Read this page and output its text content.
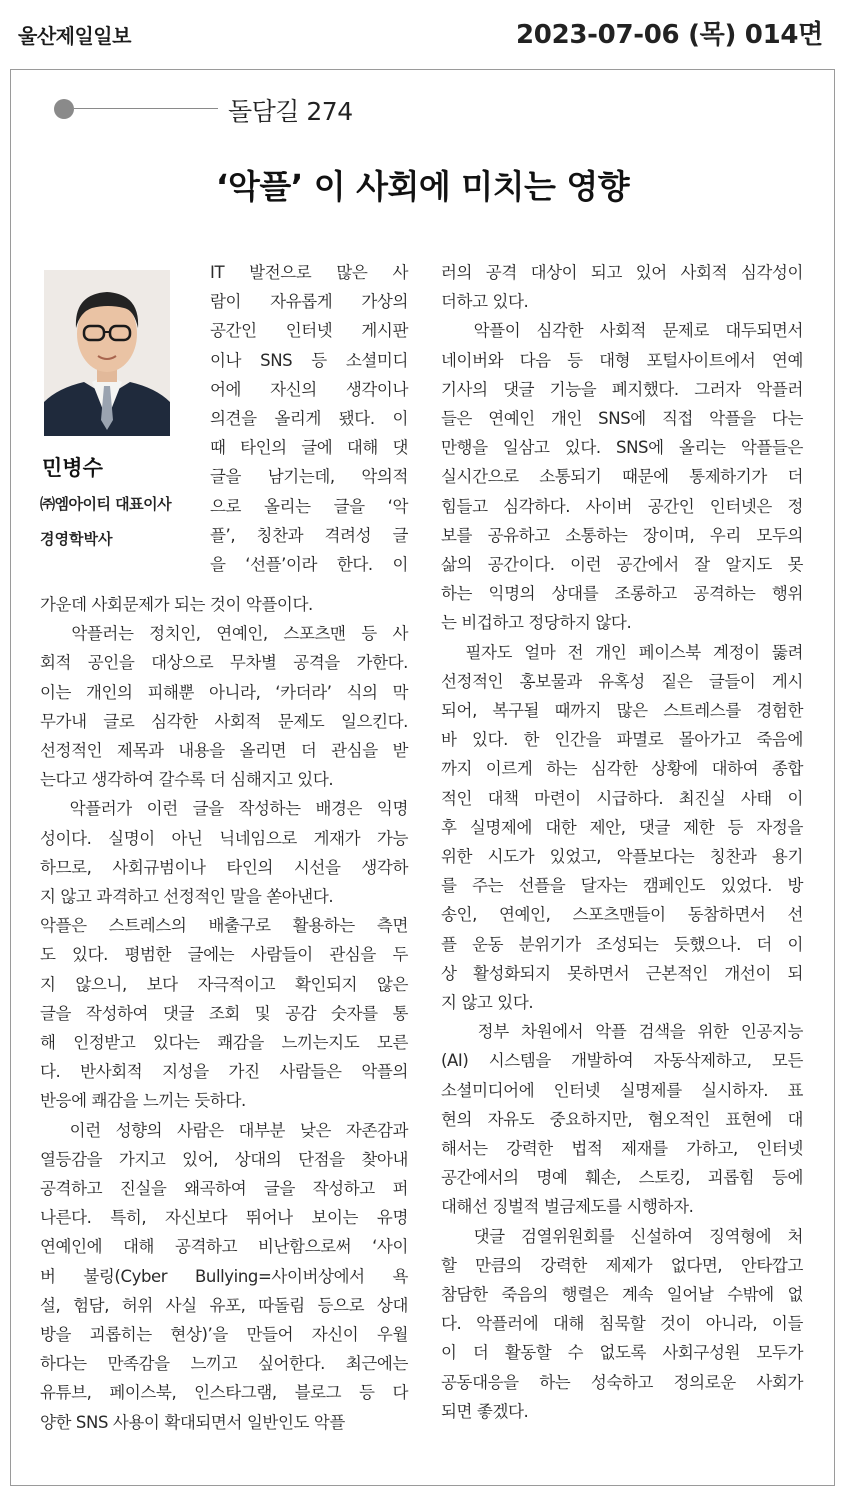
울산제일일보	2023-07-06 (목) 014면
돌담길 274
‘악플’ 이 사회에 미치는 영향
민병수
㈜엠아이티 대표이사
경영학박사
IT 발전으로 많은 사
람이 자유롭게 가상의
공간인 인터넷 게시판
이나 SNS 등 소셜미디
어에 자신의 생각이나
의견을 올리게 됐다. 이
때 타인의 글에 대해 댓
글을 남기는데, 악의적
으로 올리는 글을 ‘악
플’, 칭찬과 격려성 글
을 ‘선플’이라 한다. 이
가운데 사회문제가 되는 것이 악플이다.
악플러는 정치인, 연예인, 스포츠맨 등 사
회적 공인을 대상으로 무차별 공격을 가한다.
이는 개인의 피해뿐 아니라, ‘카더라’ 식의 막
무가내 글로 심각한 사회적 문제도 일으킨다.
선정적인 제목과 내용을 올리면 더 관심을 받
는다고 생각하여 갈수록 더 심해지고 있다.
악플러가 이런 글을 작성하는 배경은 익명
성이다. 실명이 아닌 닉네임으로 게재가 가능
하므로, 사회규범이나 타인의 시선을 생각하
지 않고 과격하고 선정적인 말을 쏟아낸다.
악플은 스트레스의 배출구로 활용하는 측면
도 있다. 평범한 글에는 사람들이 관심을 두
지 않으니, 보다 자극적이고 확인되지 않은
글을 작성하여 댓글 조회 및 공감 숫자를 통
해 인정받고 있다는 쾌감을 느끼는지도 모른
다. 반사회적 지성을 가진 사람들은 악플의
반응에 쾌감을 느끼는 듯하다.
이런 성향의 사람은 대부분 낮은 자존감과
열등감을 가지고 있어, 상대의 단점을 찾아내
공격하고 진실을 왜곡하여 글을 작성하고 퍼
나른다. 특히, 자신보다 뛰어나 보이는 유명
연예인에 대해 공격하고 비난함으로써 ‘사이
버 불링(Cyber Bullying=사이버상에서 욕
설, 험담, 허위 사실 유포, 따돌림 등으로 상대
방을 괴롭히는 현상)’을 만들어 자신이 우월
하다는 만족감을 느끼고 싶어한다. 최근에는
유튜브, 페이스북, 인스타그램, 블로그 등 다
양한 SNS 사용이 확대되면서 일반인도 악플
러의 공격 대상이 되고 있어 사회적 심각성이
더하고 있다.
악플이 심각한 사회적 문제로 대두되면서
네이버와 다음 등 대형 포털사이트에서 연예
기사의 댓글 기능을 폐지했다. 그러자 악플러
들은 연예인 개인 SNS에 직접 악플을 다는
만행을 일삼고 있다. SNS에 올리는 악플들은
실시간으로 소통되기 때문에 통제하기가 더
힘들고 심각하다. 사이버 공간인 인터넷은 정
보를 공유하고 소통하는 장이며, 우리 모두의
삶의 공간이다. 이런 공간에서 잘 알지도 못
하는 익명의 상대를 조롱하고 공격하는 행위
는 비겁하고 정당하지 않다.
필자도 얼마 전 개인 페이스북 계정이 뚫려
선정적인 홍보물과 유혹성 짙은 글들이 게시
되어, 복구될 때까지 많은 스트레스를 경험한
바 있다. 한 인간을 파멸로 몰아가고 죽음에
까지 이르게 하는 심각한 상황에 대하여 종합
적인 대책 마련이 시급하다. 최진실 사태 이
후 실명제에 대한 제안, 댓글 제한 등 자정을
위한 시도가 있었고, 악플보다는 칭찬과 용기
를 주는 선플을 달자는 캠페인도 있었다. 방
송인, 연예인, 스포츠맨들이 동참하면서 선
플 운동 분위기가 조성되는 듯했으나. 더 이
상 활성화되지 못하면서 근본적인 개선이 되
지 않고 있다.
정부 차원에서 악플 검색을 위한 인공지능
(AI) 시스템을 개발하여 자동삭제하고, 모든
소셜미디어에 인터넷 실명제를 실시하자. 표
현의 자유도 중요하지만, 혐오적인 표현에 대
해서는 강력한 법적 제재를 가하고, 인터넷
공간에서의 명예 훼손, 스토킹, 괴롭힘 등에
대해선 징벌적 벌금제도를 시행하자.
댓글 검열위원회를 신설하여 징역형에 처
할 만큼의 강력한 제제가 없다면, 안타깝고
참담한 죽음의 행렬은 계속 일어날 수밖에 없
다. 악플러에 대해 침묵할 것이 아니라, 이들
이 더 활동할 수 없도록 사회구성원 모두가
공동대응을 하는 성숙하고 정의로운 사회가
되면 좋겠다.
